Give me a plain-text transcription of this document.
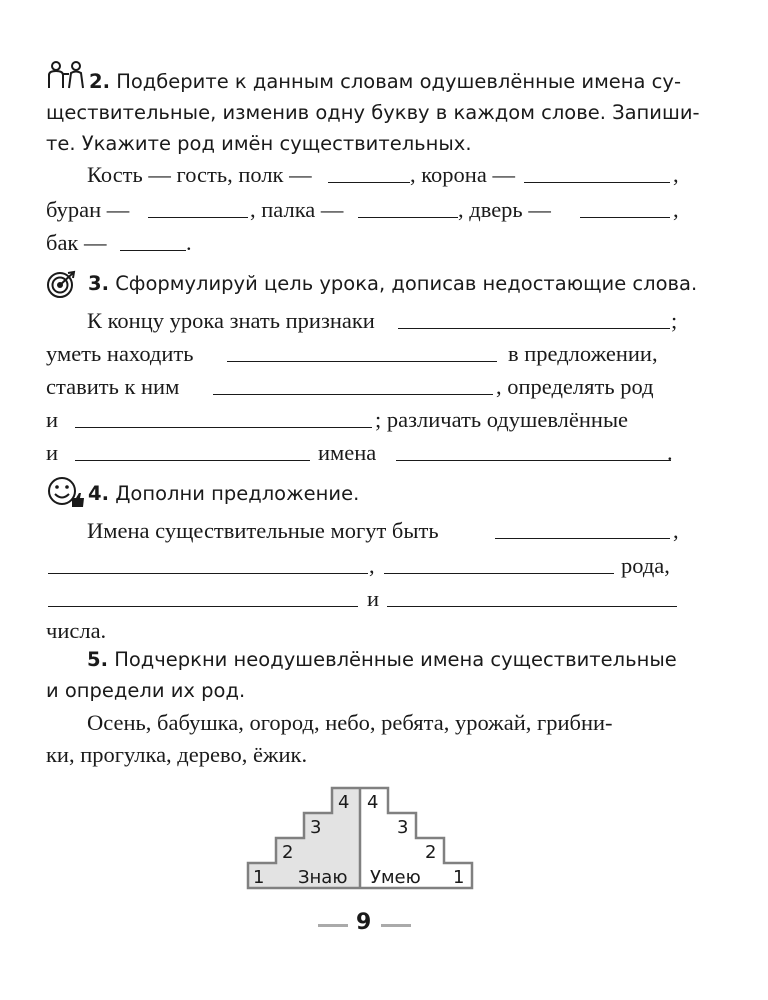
2. Подберите к данным словам одушевлённые имена су-
ществительные, изменив одну букву в каждом слове. Запиши-
те. Укажите род имён существительных.
Кость — гость, полк —	, корона —	,
буран —	, палка —	, дверь —	,
бак —	.
3. Сформулируй цель урока, дописав недостающие слова.
К концу урока знать признаки	;
уметь находить	в предложении,
ставить к ним	, определять род
и	; различать одушевлённые
и	имена	.
4. Дополни предложение.
Имена существительные могут быть	,
,	рода,
и
числа.
5. Подчеркни неодушевлённые имена существительные
и определи их род.
Осень, бабушка, огород, небо, ребята, урожай, грибни-
ки, прогулка, дерево, ёжик.
4
3
2
1
4
3
2
1
Знаю Умею
9
